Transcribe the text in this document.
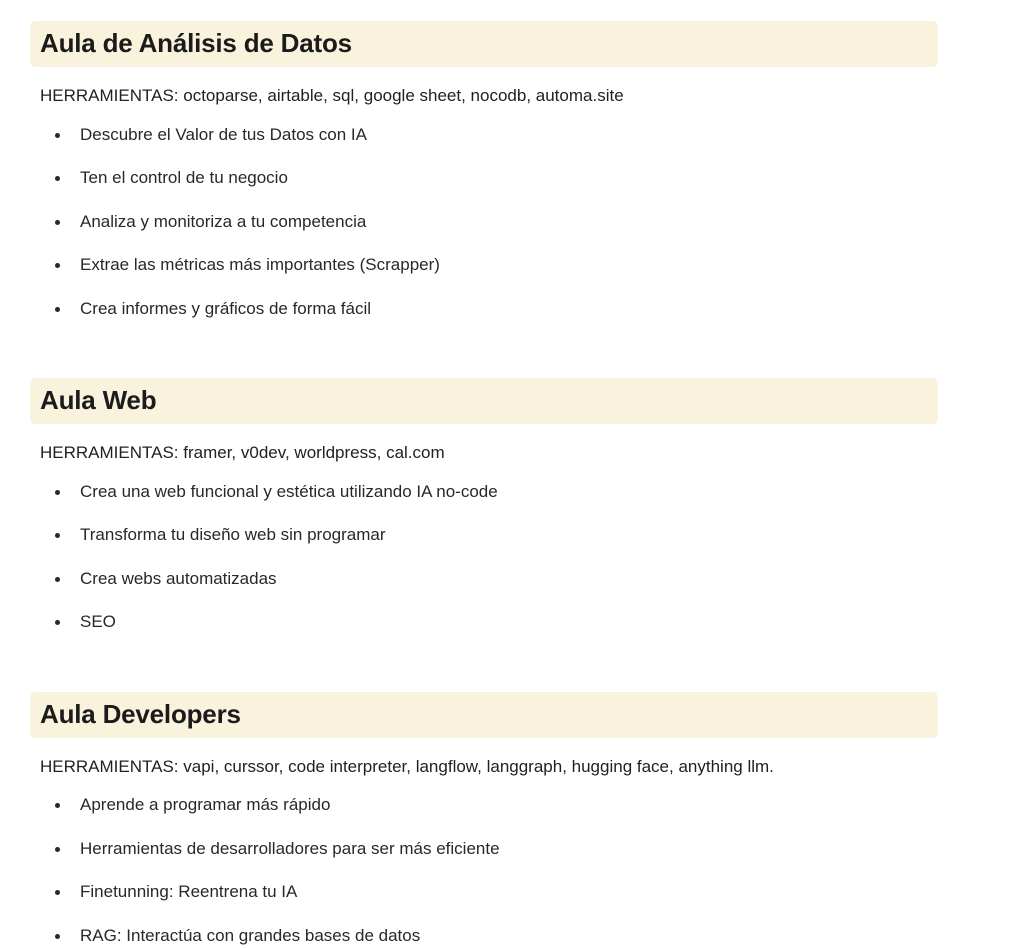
Aula de Análisis de Datos

HERRAMIENTAS: octoparse, airtable, sql, google sheet, nocodb, automa.site

Descubre el Valor de tus Datos con IA
Ten el control de tu negocio
Analiza y monitoriza a tu competencia
Extrae las métricas más importantes (Scrapper)
Crea informes y gráficos de forma fácil
Aula Web

HERRAMIENTAS: framer, v0dev, worldpress, cal.com

Crea una web funcional y estética utilizando IA no-code
Transforma tu diseño web sin programar
Crea webs automatizadas
SEO
Aula Developers

HERRAMIENTAS: vapi, curssor, code interpreter, langflow, langgraph, hugging face, anything llm.

Aprende a programar más rápido
Herramientas de desarrolladores para ser más eficiente
Finetunning: Reentrena tu IA
RAG: Interactúa con grandes bases de datos
